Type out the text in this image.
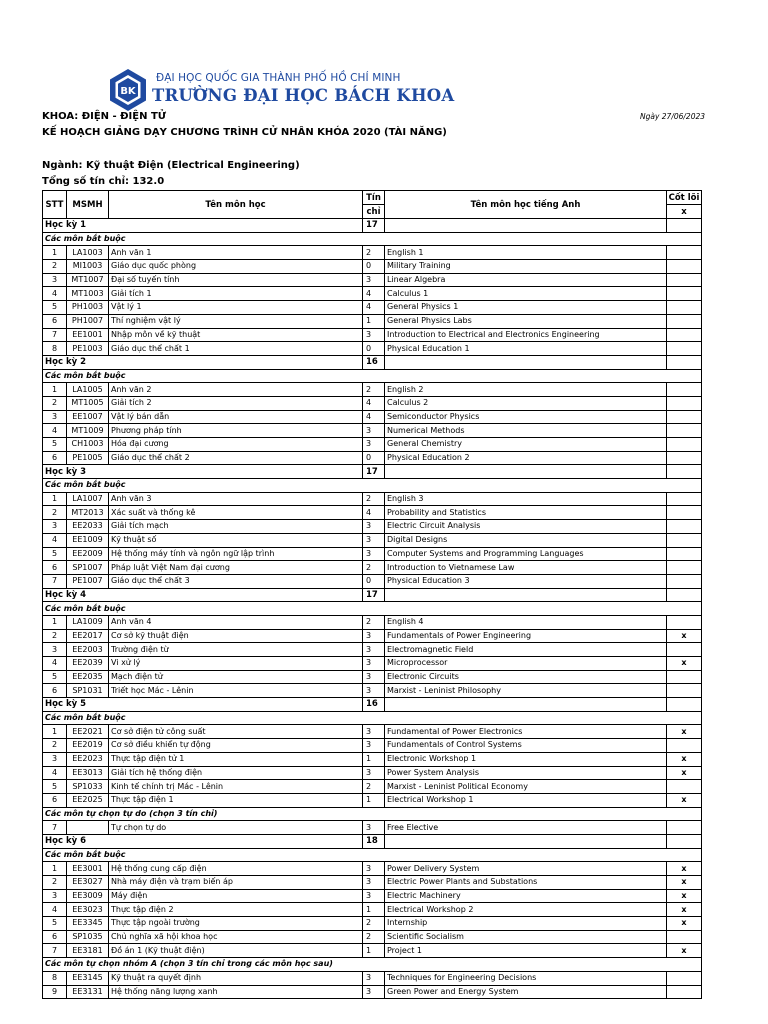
BK
ĐẠI HỌC QUỐC GIA THÀNH PHỐ HỒ CHÍ MINH
TRƯỜNG ĐẠI HỌC BÁCH KHOA
KHOA: ĐIỆN - ĐIỆN TỬ
KẾ HOẠCH GIẢNG DẠY CHƯƠNG TRÌNH CỬ NHÂN KHÓA 2020 (TÀI NĂNG)
Ngày 27/06/2023
Ngành: Kỹ thuật Điện (Electrical Engineering)
Tổng số tín chỉ: 132.0
STT	MSMH	Tên môn học	Tín	Tên môn học tiếng Anh	Cốt lõi
			chỉ		x
Học kỳ 1			17		
Các môn bắt buộc					
1	LA1003	Anh văn 1	2	English 1	
2	MI1003	Giáo dục quốc phòng	0	Military Training	
3	MT1007	Đại số tuyến tính	3	Linear Algebra	
4	MT1003	Giải tích 1	4	Calculus 1	
5	PH1003	Vật lý 1	4	General Physics 1	
6	PH1007	Thí nghiệm vật lý	1	General Physics Labs	
7	EE1001	Nhập môn về kỹ thuật	3	Introduction to Electrical and Electronics Engineering	
8	PE1003	Giáo dục thể chất 1	0	Physical Education 1	
Học kỳ 2			16		
Các môn bắt buộc					
1	LA1005	Anh văn 2	2	English 2	
2	MT1005	Giải tích 2	4	Calculus 2	
3	EE1007	Vật lý bán dẫn	4	Semiconductor Physics	
4	MT1009	Phương pháp tính	3	Numerical Methods	
5	CH1003	Hóa đại cương	3	General Chemistry	
6	PE1005	Giáo dục thể chất 2	0	Physical Education 2	
Học kỳ 3			17		
Các môn bắt buộc					
1	LA1007	Anh văn 3	2	English 3	
2	MT2013	Xác suất và thống kê	4	Probability and Statistics	
3	EE2033	Giải tích mạch	3	Electric Circuit Analysis	
4	EE1009	Kỹ thuật số	3	Digital Designs	
5	EE2009	Hệ thống máy tính và ngôn ngữ lập trình	3	Computer Systems and Programming Languages	
6	SP1007	Pháp luật Việt Nam đại cương	2	Introduction to Vietnamese Law	
7	PE1007	Giáo dục thể chất 3	0	Physical Education 3	
Học kỳ 4			17		
Các môn bắt buộc					
1	LA1009	Anh văn 4	2	English 4	
2	EE2017	Cơ sở kỹ thuật điện	3	Fundamentals of Power Engineering	x
3	EE2003	Trường điện từ	3	Electromagnetic Field	
4	EE2039	Vi xử lý	3	Microprocessor	x
5	EE2035	Mạch điện tử	3	Electronic Circuits	
6	SP1031	Triết học Mác - Lênin	3	Marxist - Leninist Philosophy	
Học kỳ 5			16		
Các môn bắt buộc					
1	EE2021	Cơ sở điện tử công suất	3	Fundamental of Power Electronics	x
2	EE2019	Cơ sở điều khiển tự động	3	Fundamentals of Control Systems	
3	EE2023	Thực tập điện tử 1	1	Electronic Workshop 1	x
4	EE3013	Giải tích hệ thống điện	3	Power System Analysis	x
5	SP1033	Kinh tế chính trị Mác - Lênin	2	Marxist - Leninist Political Economy	
6	EE2025	Thực tập điện 1	1	Electrical Workshop 1	x
Các môn tự chọn tự do (chọn 3 tín chỉ)					
7		Tự chọn tự do	3	Free Elective	
Học kỳ 6			18		
Các môn bắt buộc					
1	EE3001	Hệ thống cung cấp điện	3	Power Delivery System	x
2	EE3027	Nhà máy điện và trạm biến áp	3	Electric Power Plants and Substations	x
3	EE3009	Máy điện	3	Electric Machinery	x
4	EE3023	Thực tập điện 2	1	Electrical Workshop 2	x
5	EE3345	Thực tập ngoài trường	2	Internship	x
6	SP1035	Chủ nghĩa xã hội khoa học	2	Scientific Socialism	
7	EE3181	Đồ án 1 (Kỹ thuật điện)	1	Project 1	x
Các môn tự chọn nhóm A (chọn 3 tín chỉ trong các môn học sau)					
8	EE3145	Kỹ thuật ra quyết định	3	Techniques for Engineering Decisions	
9	EE3131	Hệ thống năng lượng xanh	3	Green Power and Energy System	
